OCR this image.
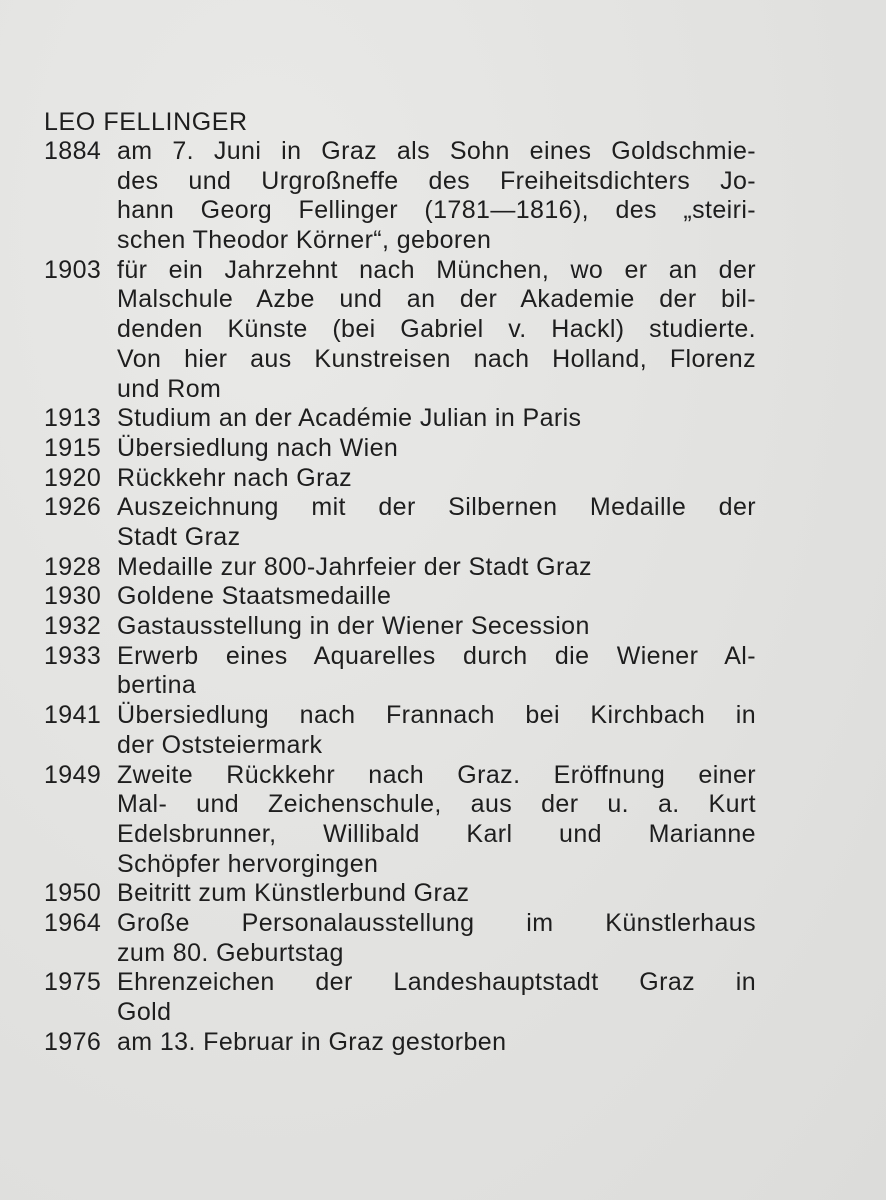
LEO FELLINGER
1884 am 7. Juni in Graz als Sohn eines Goldschmie-
des und Urgroßneffe des Freiheitsdichters Jo-
hann Georg Fellinger (1781—1816), des „steiri-
schen Theodor Körner“, geboren
1903 für ein Jahrzehnt nach München, wo er an der
Malschule Azbe und an der Akademie der bil-
denden Künste (bei Gabriel v. Hackl) studierte.
Von hier aus Kunstreisen nach Holland, Florenz
und Rom
1913 Studium an der Académie Julian in Paris
1915 Übersiedlung nach Wien
1920 Rückkehr nach Graz
1926 Auszeichnung mit der Silbernen Medaille der
Stadt Graz
1928 Medaille zur 800-Jahrfeier der Stadt Graz
1930 Goldene Staatsmedaille
1932 Gastausstellung in der Wiener Secession
1933 Erwerb eines Aquarelles durch die Wiener Al-
bertina
1941 Übersiedlung nach Frannach bei Kirchbach in
der Oststeiermark
1949 Zweite Rückkehr nach Graz. Eröffnung einer
Mal- und Zeichenschule, aus der u. a. Kurt
Edelsbrunner, Willibald Karl und Marianne
Schöpfer hervorgingen
1950 Beitritt zum Künstlerbund Graz
1964 Große Personalausstellung im Künstlerhaus
zum 80. Geburtstag
1975 Ehrenzeichen der Landeshauptstadt Graz in
Gold
1976 am 13. Februar in Graz gestorben
